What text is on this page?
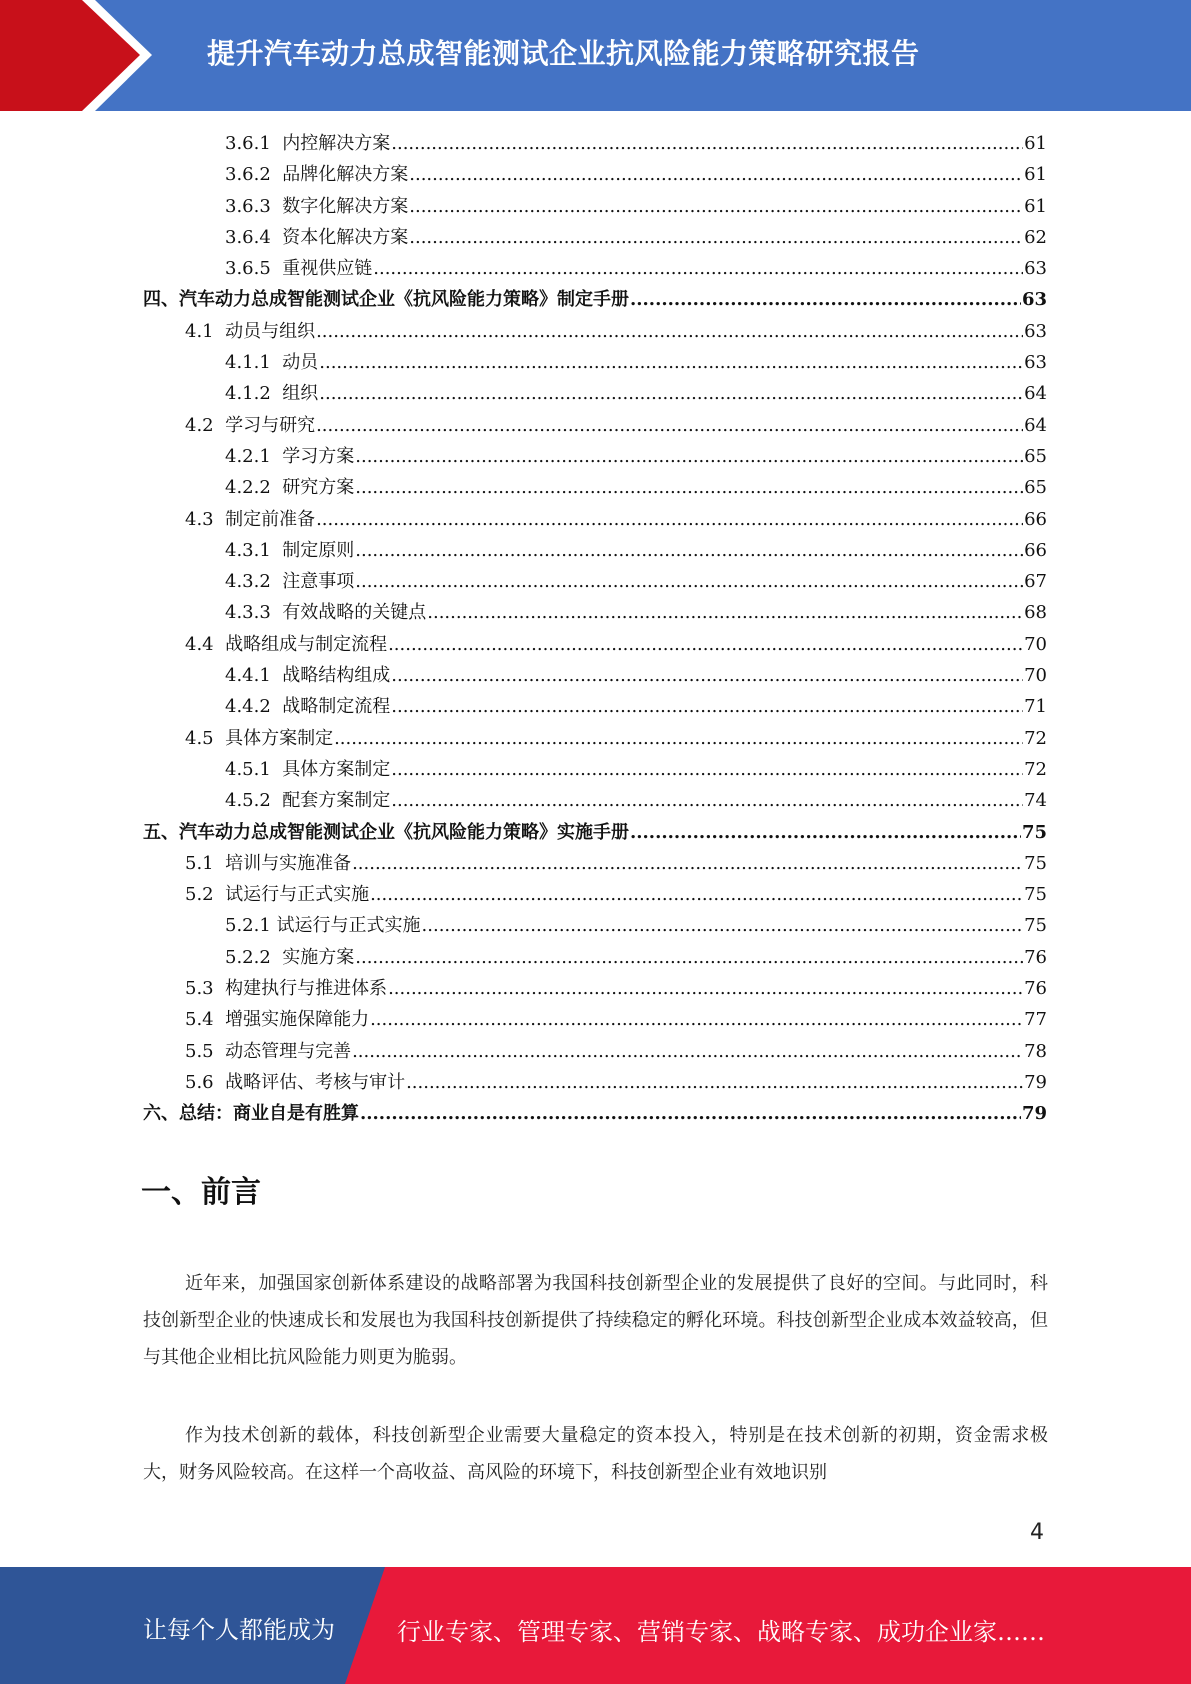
提升汽车动力总成智能测试企业抗风险能力策略研究报告
3.6.1 内控解决方案 .....	61
3.6.2 品牌化解决方案 .....	61
3.6.3 数字化解决方案 .....	61
3.6.4 资本化解决方案 .....	62
3.6.5 重视供应链 .....	63
四、汽车动力总成智能测试企业《抗风险能力策略》制定手册 .....	63
4.1 动员与组织 .....	63
4.1.1 动员 .....	63
4.1.2 组织 .....	64
4.2 学习与研究 .....	64
4.2.1 学习方案 .....	65
4.2.2 研究方案 .....	65
4.3 制定前准备 .....	66
4.3.1 制定原则 .....	66
4.3.2 注意事项 .....	67
4.3.3 有效战略的关键点 .....	68
4.4 战略组成与制定流程 .....	70
4.4.1 战略结构组成 .....	70
4.4.2 战略制定流程 .....	71
4.5 具体方案制定 .....	72
4.5.1 具体方案制定 .....	72
4.5.2 配套方案制定 .....	74
五、汽车动力总成智能测试企业《抗风险能力策略》实施手册 .....	75
5.1 培训与实施准备 .....	75
5.2 试运行与正式实施 .....	75
5.2.1 试运行与正式实施 .....	75
5.2.2 实施方案 .....	76
5.3 构建执行与推进体系 .....	76
5.4 增强实施保障能力 .....	77
5.5 动态管理与完善 .....	78
5.6 战略评估、考核与审计 .....	79
六、总结：商业自是有胜算 .....	79
一、前言

近年来，加强国家创新体系建设的战略部署为我国科技创新型企业的发展提供了良好的空间。与此同时，科技创新型企业的快速成长和发展也为我国科技创新提供了持续稳定的孵化环境。科技创新型企业成本效益较高，但与其他企业相比抗风险能力则更为脆弱。

作为技术创新的载体，科技创新型企业需要大量稳定的资本投入，特别是在技术创新的初期，资金需求极大，财务风险较高。在这样一个高收益、高风险的环境下，科技创新型企业有效地识别

4
让每个人都能成为	行业专家、管理专家、营销专家、战略专家、成功企业家……
